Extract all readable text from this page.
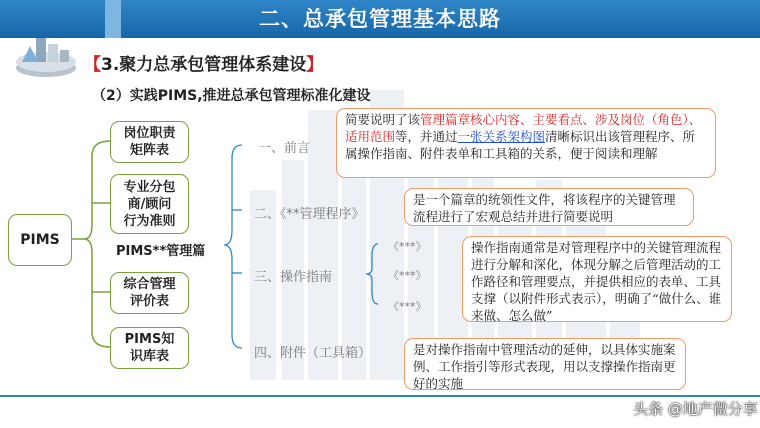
二、总承包管理基本思路
【3.聚力总承包管理体系建设】
（2）实践PIMS,推进总承包管理标准化建设
PIMS
岗位职责
矩阵表
专业分包
商/顾问
行为准则
综合管理
评价表
PIMS知
识库表
PIMS**管理篇
一、前言
二、《**管理程序》
三、操作指南
四、附件（工具箱）
《***》
《***》
《***》
简要说明了该管理篇章核心内容、主要看点、涉及岗位（角色）、适用范围等，并通过一张关系架构图清晰标识出该管理程序、所属操作指南、附件表单和工具箱的关系，便于阅读和理解
是一个篇章的统领性文件，将该程序的关键管理流程进行了宏观总结并进行简要说明
操作指南通常是对管理程序中的关键管理流程进行分解和深化，体现分解之后管理活动的工作路径和管理要点，并提供相应的表单、工具支撑（以附件形式表示），明确了“做什么、谁来做、怎么做”
是对操作指南中管理活动的延伸，以具体实施案例、工作指引等形式表现，用以支撑操作指南更好的实施
头条 @地产微分享
